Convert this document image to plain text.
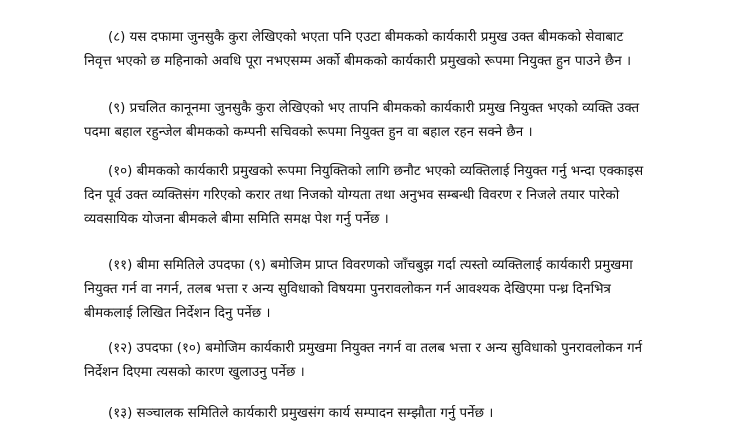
(८) यस दफामा जुनसुकै कुरा लेखिएको भएता पनि एउटा बीमकको कार्यकारी प्रमुख उक्त बीमकको सेवाबाट
निवृत्त भएको छ महिनाको अवधि पूरा नभएसम्म अर्को बीमकको कार्यकारी प्रमुखको रूपमा नियुक्त हुन पाउने छैन ।

(९) प्रचलित कानूनमा जुनसुकै कुरा लेखिएको भए तापनि बीमकको कार्यकारी प्रमुख नियुक्त भएको व्यक्ति उक्त
पदमा बहाल रहुन्जेल बीमकको कम्पनी सचिवको रूपमा नियुक्त हुन वा बहाल रहन सक्ने छैन ।

(१०) बीमकको कार्यकारी प्रमुखको रूपमा नियुक्तिको लागि छनौट भएको व्यक्तिलाई नियुक्त गर्नु भन्दा एक्काइस
दिन पूर्व उक्त व्यक्तिसंग गरिएको करार तथा निजको योग्यता तथा अनुभव सम्बन्धी विवरण र निजले तयार पारेको
व्यवसायिक योजना बीमकले बीमा समिति समक्ष पेश गर्नु पर्नेछ ।

(११) बीमा समितिले उपदफा (९) बमोजिम प्राप्त विवरणको जाँचबुझ गर्दा त्यस्तो व्यक्तिलाई कार्यकारी प्रमुखमा
नियुक्त गर्न वा नगर्न, तलब भत्ता र अन्य सुविधाको विषयमा पुनरावलोकन गर्न आवश्यक देखिएमा पन्ध्र दिनभित्र
बीमकलाई लिखित निर्देशन दिनु पर्नेछ ।

(१२) उपदफा (१०) बमोजिम कार्यकारी प्रमुखमा नियुक्त नगर्न वा तलब भत्ता र अन्य सुविधाको पुनरावलोकन गर्न
निर्देशन दिएमा त्यसको कारण खुलाउनु पर्नेछ ।

(१३) सञ्चालक समितिले कार्यकारी प्रमुखसंग कार्य सम्पादन सम्झौता गर्नु पर्नेछ ।
